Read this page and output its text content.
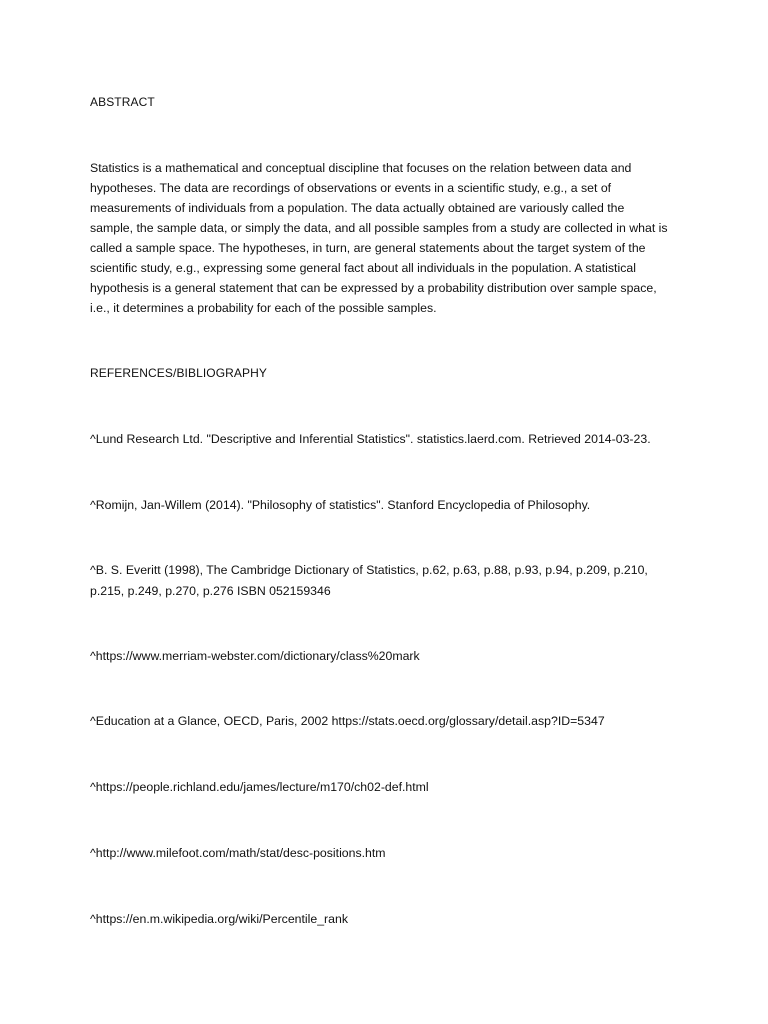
ABSTRACT

Statistics is a mathematical and conceptual discipline that focuses on the relation between data and hypotheses. The data are recordings of observations or events in a scientific study, e.g., a set of measurements of individuals from a population. The data actually obtained are variously called the sample, the sample data, or simply the data, and all possible samples from a study are collected in what is called a sample space. The hypotheses, in turn, are general statements about the target system of the scientific study, e.g., expressing some general fact about all individuals in the population. A statistical hypothesis is a general statement that can be expressed by a probability distribution over sample space, i.e., it determines a probability for each of the possible samples.

REFERENCES/BIBLIOGRAPHY

^Lund Research Ltd. "Descriptive and Inferential Statistics". statistics.laerd.com. Retrieved 2014-03-23.

^Romijn, Jan-Willem (2014). "Philosophy of statistics". Stanford Encyclopedia of Philosophy.

^B. S. Everitt (1998), The Cambridge Dictionary of Statistics, p.62, p.63, p.88, p.93, p.94, p.209, p.210, p.215, p.249, p.270, p.276 ISBN 052159346

^https://www.merriam-webster.com/dictionary/class%20mark

^Education at a Glance, OECD, Paris, 2002 https://stats.oecd.org/glossary/detail.asp?ID=5347

^https://people.richland.edu/james/lecture/m170/ch02-def.html

^http://www.milefoot.com/math/stat/desc-positions.htm

^https://en.m.wikipedia.org/wiki/Percentile_rank
